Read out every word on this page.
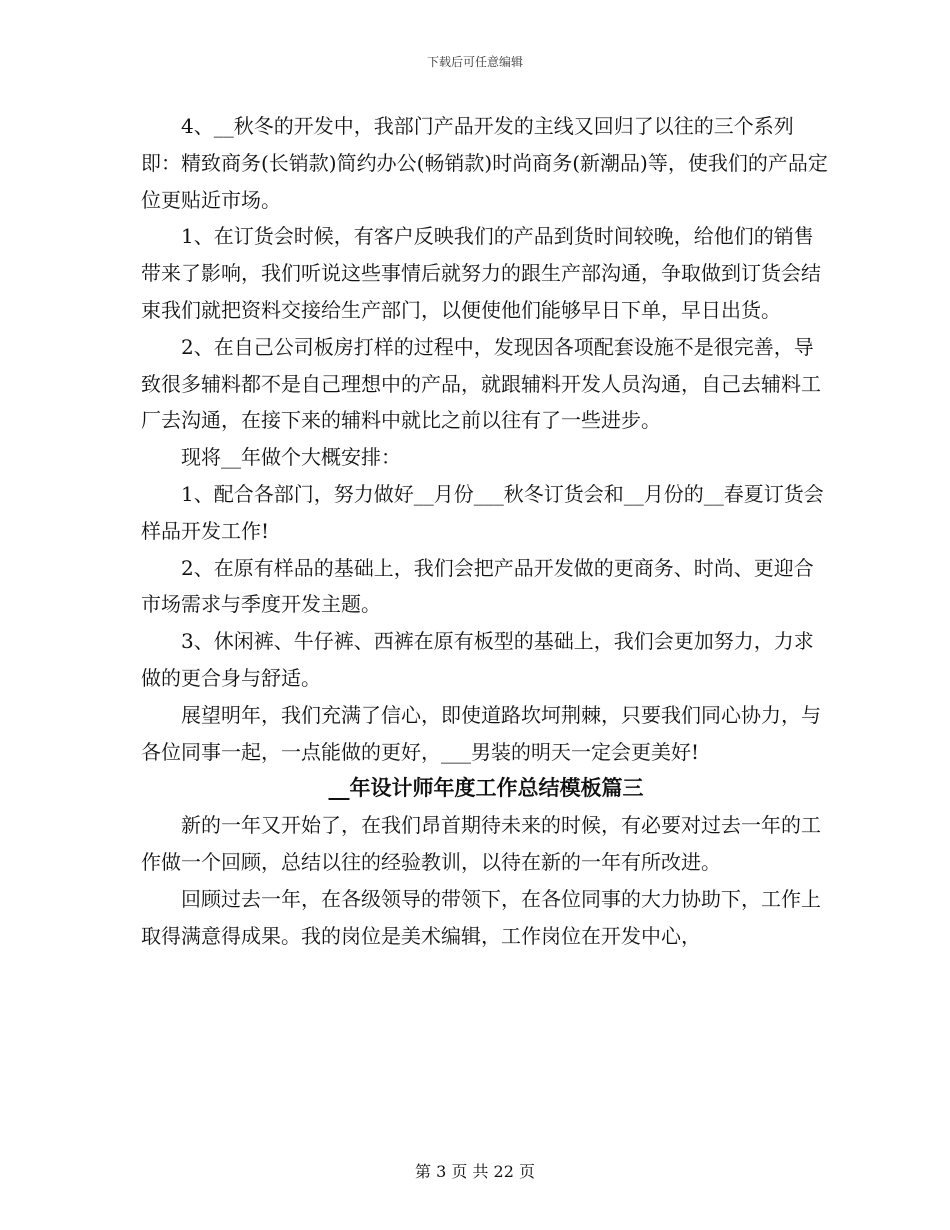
下载后可任意编辑

4、__秋冬的开发中，我部门产品开发的主线又回归了以往的三个系列即：精致商务(长销款)简约办公(畅销款)时尚商务(新潮品)等，使我们的产品定位更贴近市场。

1、在订货会时候，有客户反映我们的产品到货时间较晚，给他们的销售带来了影响，我们听说这些事情后就努力的跟生产部沟通，争取做到订货会结束我们就把资料交接给生产部门，以便使他们能够早日下单，早日出货。

2、在自己公司板房打样的过程中，发现因各项配套设施不是很完善，导致很多辅料都不是自己理想中的产品，就跟辅料开发人员沟通，自己去辅料工厂去沟通，在接下来的辅料中就比之前以往有了一些进步。

现将__年做个大概安排：

1、配合各部门，努力做好__月份___秋冬订货会和__月份的__春夏订货会样品开发工作!

2、在原有样品的基础上，我们会把产品开发做的更商务、时尚、更迎合市场需求与季度开发主题。

3、休闲裤、牛仔裤、西裤在原有板型的基础上，我们会更加努力，力求做的更合身与舒适。

展望明年，我们充满了信心，即使道路坎坷荆棘，只要我们同心协力，与各位同事一起，一点能做的更好，___男装的明天一定会更美好!

__年设计师年度工作总结模板篇三

新的一年又开始了，在我们昂首期待未来的时候，有必要对过去一年的工作做一个回顾，总结以往的经验教训，以待在新的一年有所改进。

回顾过去一年，在各级领导的带领下，在各位同事的大力协助下，工作上取得满意得成果。我的岗位是美术编辑，工作岗位在开发中心，

第 3 页 共 22 页
